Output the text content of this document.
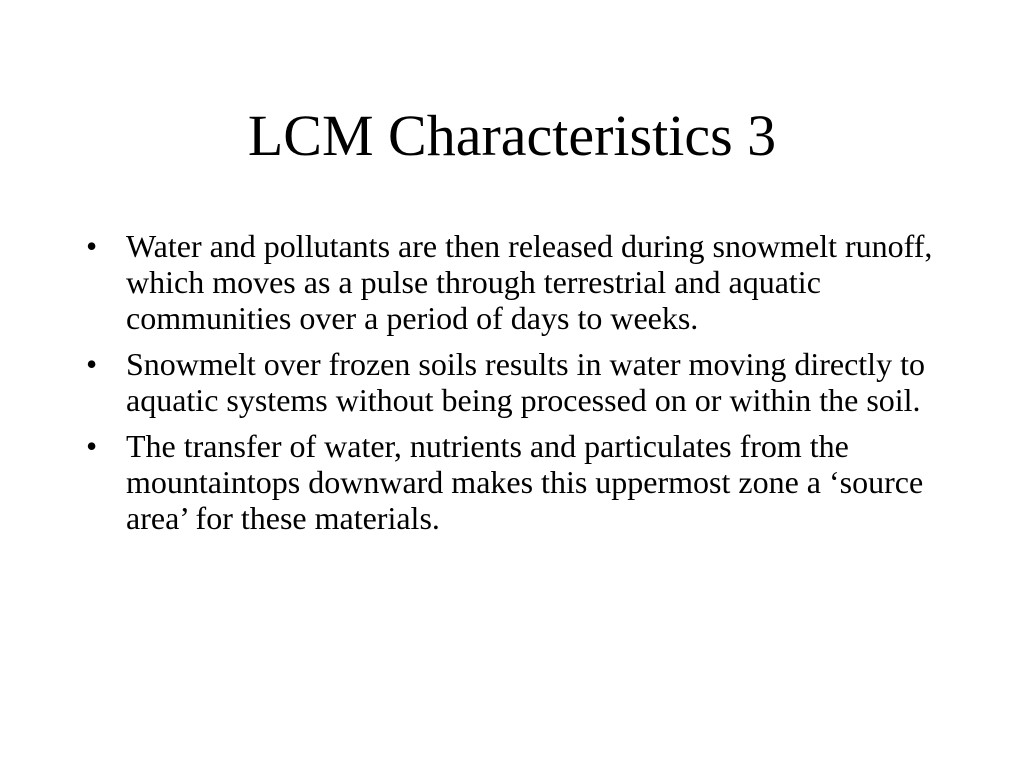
LCM Characteristics 3
• Water and pollutants are then released during snowmelt runoff, which moves as a pulse through terrestrial and aquatic communities over a period of days to weeks.
• Snowmelt over frozen soils results in water moving directly to aquatic systems without being processed on or within the soil.
• The transfer of water, nutrients and particulates from the mountaintops downward makes this uppermost zone a ‘source area’ for these materials.
